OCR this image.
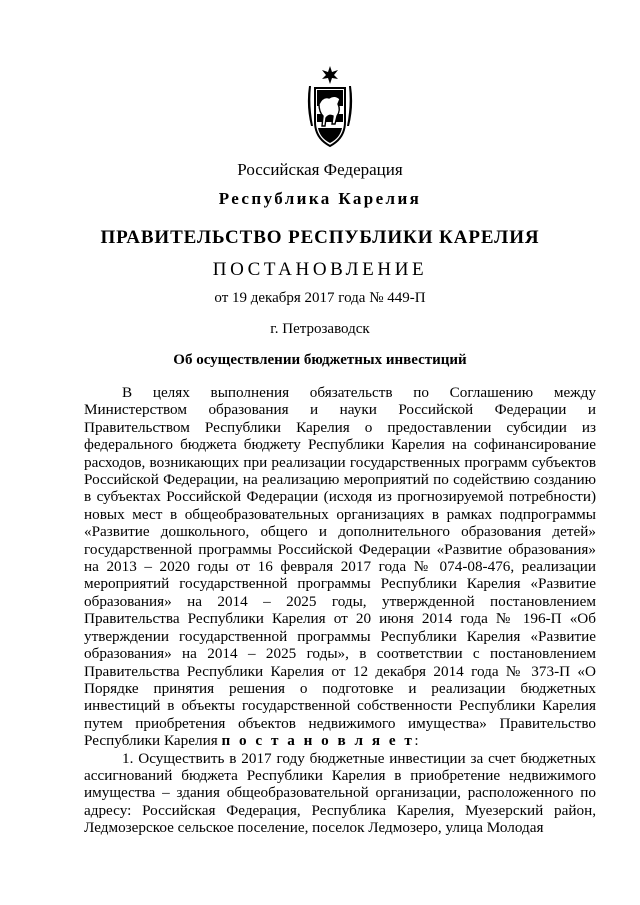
Российская Федерация
Республика Карелия
ПРАВИТЕЛЬСТВО РЕСПУБЛИКИ КАРЕЛИЯ
ПОСТАНОВЛЕНИЕ
от 19 декабря 2017 года № 449-П
г. Петрозаводск
Об осуществлении бюджетных инвестиций

В целях выполнения обязательств по Соглашению между Министерством образования и науки Российской Федерации и Правительством Республики Карелия о предоставлении субсидии из федерального бюджета бюджету Республики Карелия на софинансирование расходов, возникающих при реализации государственных программ субъектов Российской Федерации, на реализацию мероприятий по содействию созданию в субъектах Российской Федерации (исходя из прогнозируемой потребности) новых мест в общеобразовательных организациях в рамках подпрограммы «Развитие дошкольного, общего и дополнительного образования детей» государственной программы Российской Федерации «Развитие образования» на 2013 – 2020 годы от 16 февраля 2017 года № 074-08-476, реализации мероприятий государственной программы Республики Карелия «Развитие образования» на 2014 – 2025 годы, утвержденной постановлением Правительства Республики Карелия от 20 июня 2014 года № 196-П «Об утверждении государственной программы Республики Карелия «Развитие образования» на 2014 – 2025 годы», в соответствии с постановлением Правительства Республики Карелия от 12 декабря 2014 года № 373-П «О Порядке принятия решения о подготовке и реализации бюджетных инвестиций в объекты государственной собственности Республики Карелия путем приобретения объектов недвижимого имущества» Правительство Республики Карелия п о с т а н о в л я е т:

1. Осуществить в 2017 году бюджетные инвестиции за счет бюджетных ассигнований бюджета Республики Карелия в приобретение недвижимого имущества – здания общеобразовательной организации, расположенного по адресу: Российская Федерация, Республика Карелия, Муезерский район, Ледмозерское сельское поселение, поселок Ледмозеро, улица Молодая
